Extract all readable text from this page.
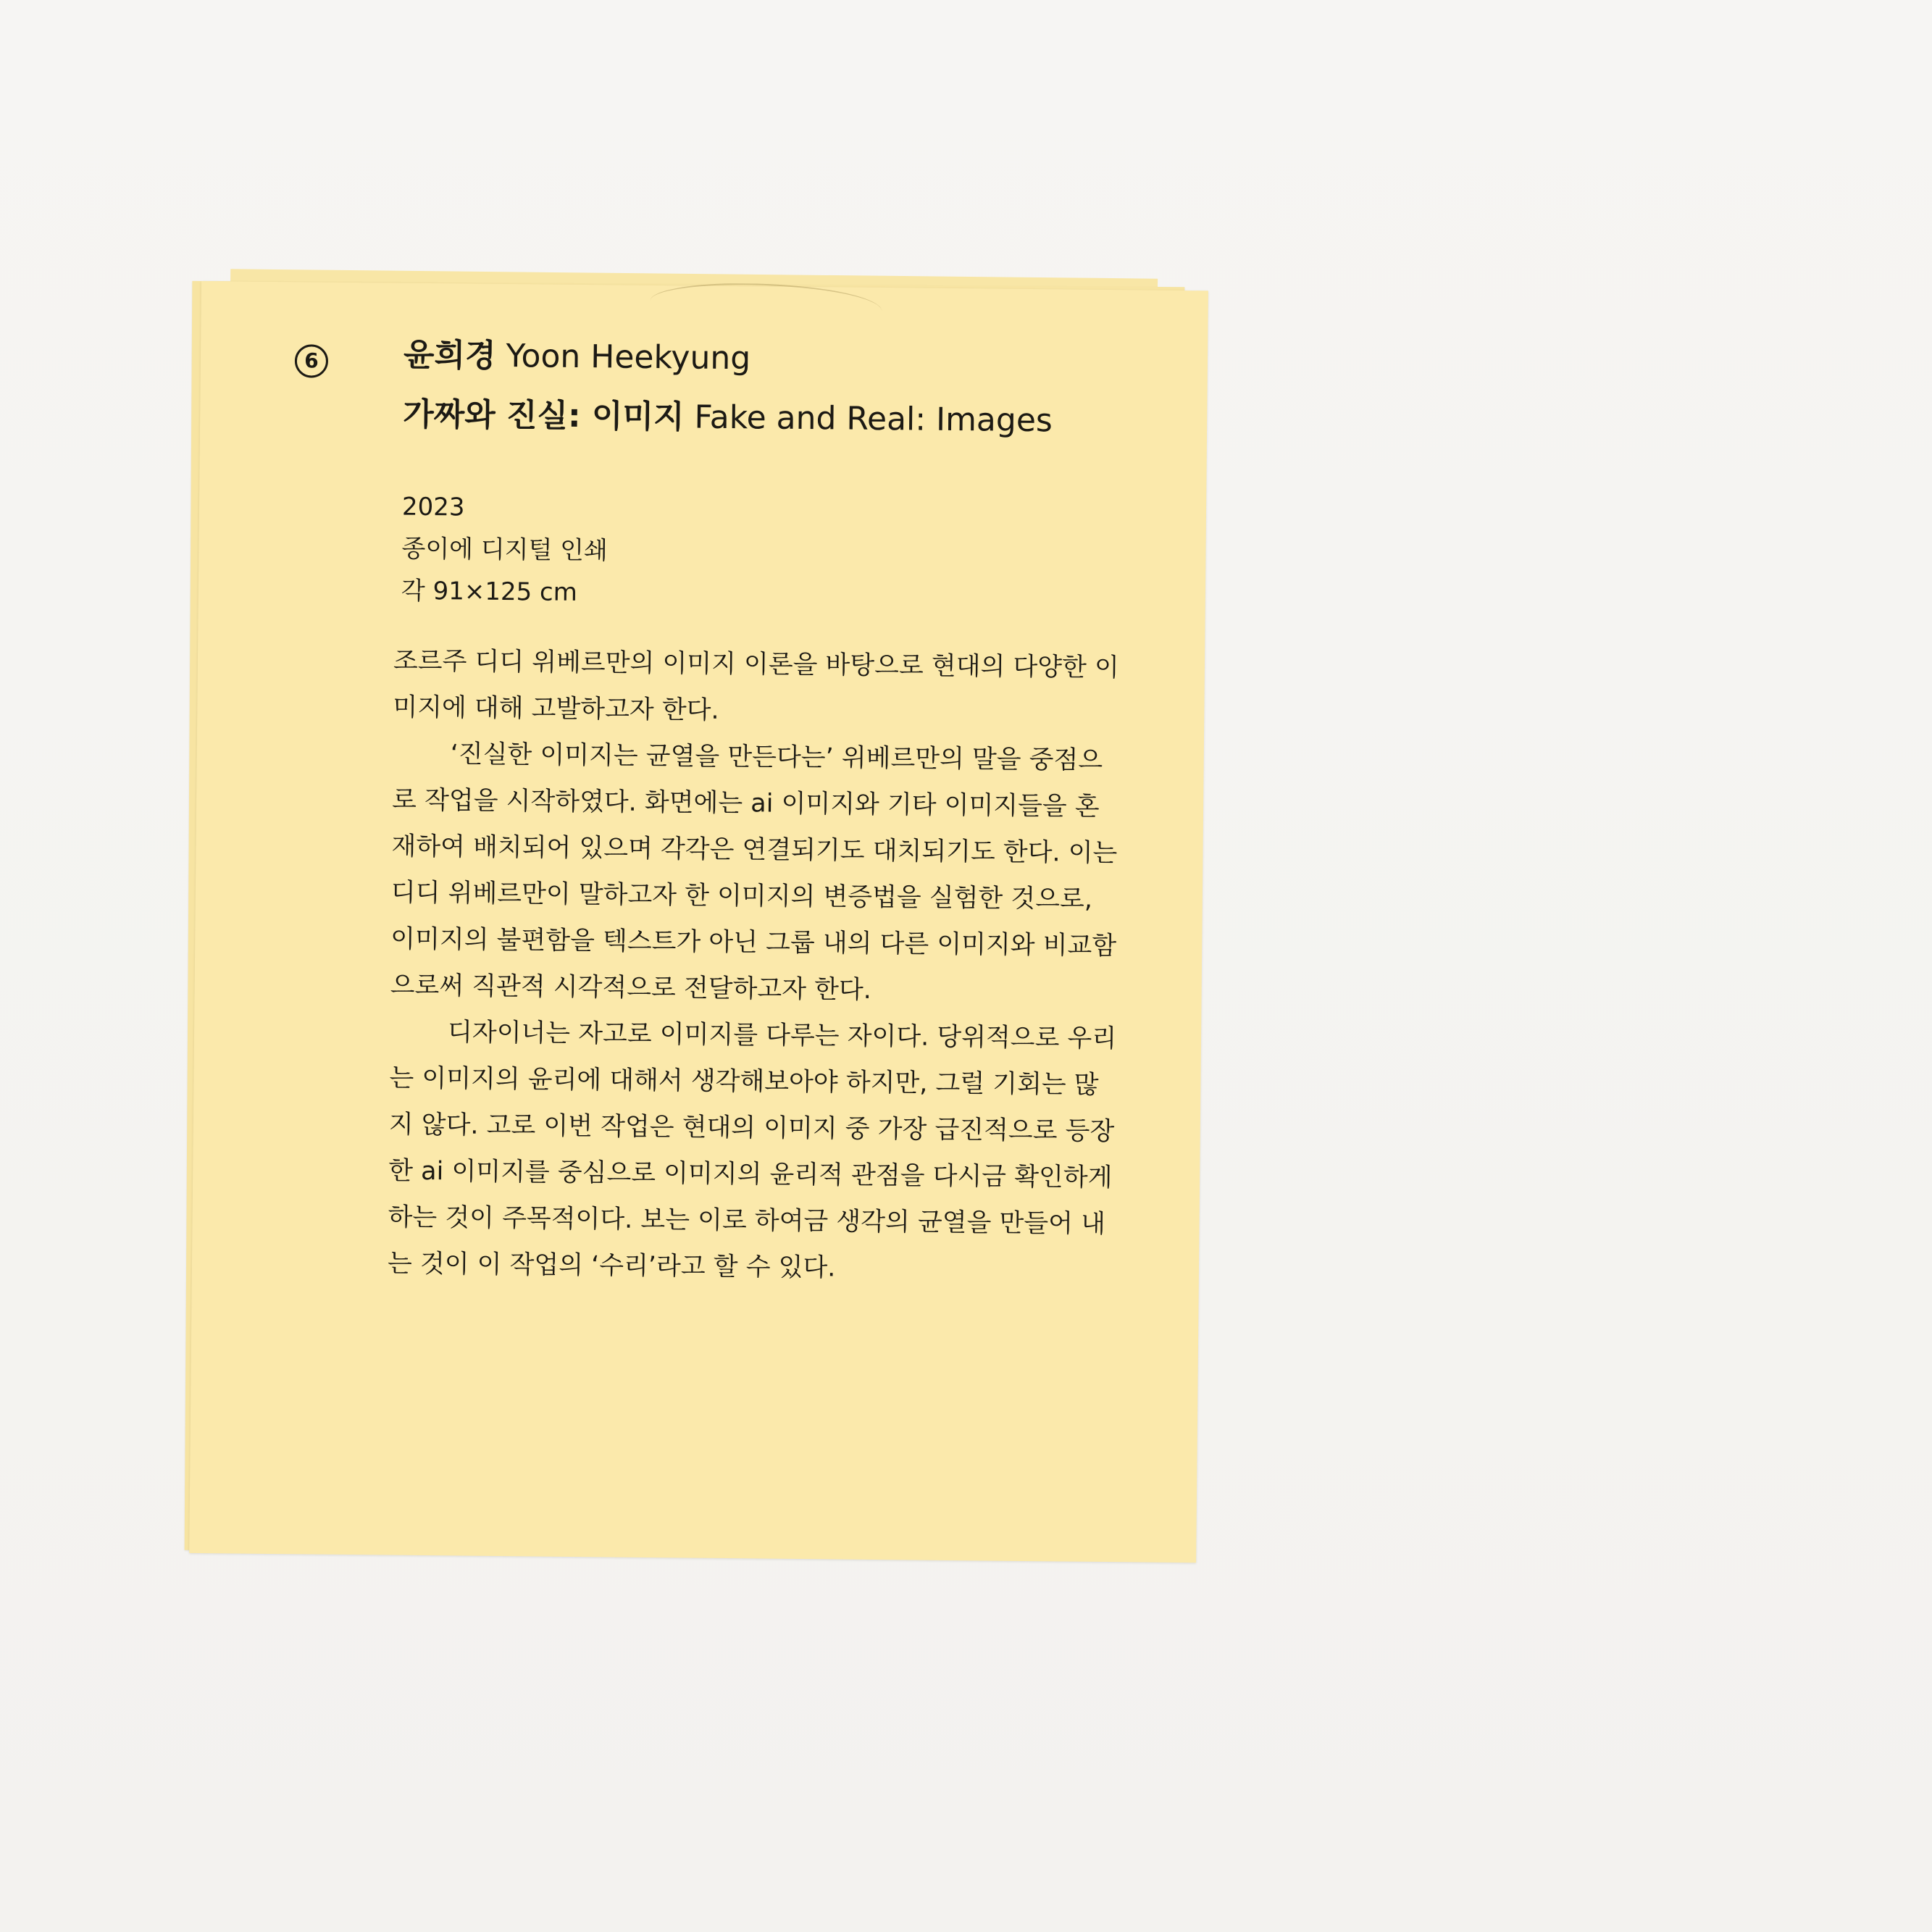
6	윤희경 Yoon Heekyung
가짜와 진실: 이미지 Fake and Real: Images
2023
종이에 디지털 인쇄
각 91×125 cm

조르주 디디 위베르만의 이미지 이론을 바탕으로 현대의 다양한 이미지에 대해 고발하고자 한다.

‘진실한 이미지는 균열을 만든다는’ 위베르만의 말을 중점으로 작업을 시작하였다. 화면에는 ai 이미지와 기타 이미지들을 혼재하여 배치되어 있으며 각각은 연결되기도 대치되기도 한다. 이는 디디 위베르만이 말하고자 한 이미지의 변증법을 실험한 것으로, 이미지의 불편함을 텍스트가 아닌 그룹 내의 다른 이미지와 비교함으로써 직관적 시각적으로 전달하고자 한다.

디자이너는 자고로 이미지를 다루는 자이다. 당위적으로 우리는 이미지의 윤리에 대해서 생각해보아야 하지만, 그럴 기회는 많지 않다. 고로 이번 작업은 현대의 이미지 중 가장 급진적으로 등장한 ai 이미지를 중심으로 이미지의 윤리적 관점을 다시금 확인하게 하는 것이 주목적이다. 보는 이로 하여금 생각의 균열을 만들어 내는 것이 이 작업의 ‘수리’라고 할 수 있다.
